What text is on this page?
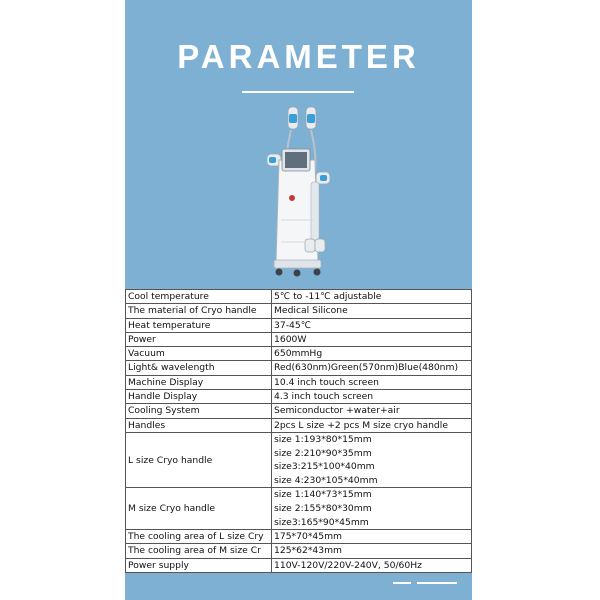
PARAMETER
Cool temperature	5℃ to -11℃ adjustable
The material of Cryo handle	Medical Silicone
Heat temperature	37-45℃
Power	1600W
Vacuum	650mmHg
Light& wavelength	Red(630nm)Green(570nm)Blue(480nm)
Machine Display	10.4 inch touch screen
Handle Display	4.3 inch touch screen
Cooling System	Semiconductor +water+air
Handles	2pcs L size +2 pcs M size cryo handle
L size Cryo handle	size 1:193*80*15mm
size 2:210*90*35mm
size3:215*100*40mm
size 4:230*105*40mm

M size Cryo handle	size 1:140*73*15mm
size 2:155*80*30mm
size3:165*90*45mm

The cooling area of L size Cry	175*70*45mm
The cooling area of M size Cr	125*62*43mm
Power supply	110V-120V/220V-240V, 50/60Hz
